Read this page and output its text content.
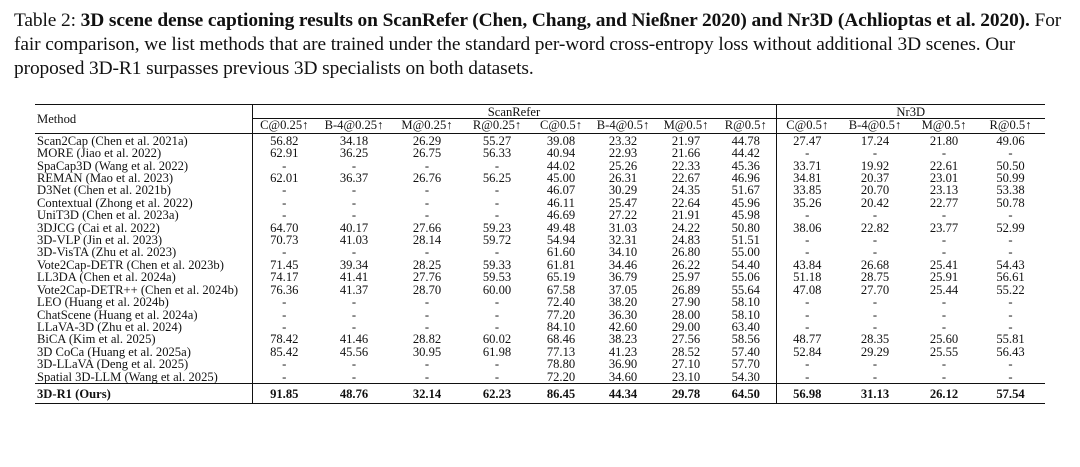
Table 2: 3D scene dense captioning results on ScanRefer (Chen, Chang, and Nießner 2020) and Nr3D (Achlioptas et al. 2020). For fair comparison, we list methods that are trained under the standard per-word cross-entropy loss without additional 3D scenes. Our proposed 3D-R1 surpasses previous 3D specialists on both datasets.
Method	ScanRefer								Nr3D			
	C@0.25↑	B-4@0.25↑	M@0.25↑	R@0.25↑	C@0.5↑	B-4@0.5↑	M@0.5↑	R@0.5↑	C@0.5↑	B-4@0.5↑	M@0.5↑	R@0.5↑
Scan2Cap (Chen et al. 2021a)	56.82	34.18	26.29	55.27	39.08	23.32	21.97	44.78	27.47	17.24	21.80	49.06
MORE (Jiao et al. 2022)	62.91	36.25	26.75	56.33	40.94	22.93	21.66	44.42	-	-	-	-
SpaCap3D (Wang et al. 2022)	-	-	-	-	44.02	25.26	22.33	45.36	33.71	19.92	22.61	50.50
REMAN (Mao et al. 2023)	62.01	36.37	26.76	56.25	45.00	26.31	22.67	46.96	34.81	20.37	23.01	50.99
D3Net (Chen et al. 2021b)	-	-	-	-	46.07	30.29	24.35	51.67	33.85	20.70	23.13	53.38
Contextual (Zhong et al. 2022)	-	-	-	-	46.11	25.47	22.64	45.96	35.26	20.42	22.77	50.78
UniT3D (Chen et al. 2023a)	-	-	-	-	46.69	27.22	21.91	45.98	-	-	-	-
3DJCG (Cai et al. 2022)	64.70	40.17	27.66	59.23	49.48	31.03	24.22	50.80	38.06	22.82	23.77	52.99
3D-VLP (Jin et al. 2023)	70.73	41.03	28.14	59.72	54.94	32.31	24.83	51.51	-	-	-	-
3D-VisTA (Zhu et al. 2023)	-	-	-	-	61.60	34.10	26.80	55.00	-	-	-	-
Vote2Cap-DETR (Chen et al. 2023b)	71.45	39.34	28.25	59.33	61.81	34.46	26.22	54.40	43.84	26.68	25.41	54.43
LL3DA (Chen et al. 2024a)	74.17	41.41	27.76	59.53	65.19	36.79	25.97	55.06	51.18	28.75	25.91	56.61
Vote2Cap-DETR++ (Chen et al. 2024b)	76.36	41.37	28.70	60.00	67.58	37.05	26.89	55.64	47.08	27.70	25.44	55.22
LEO (Huang et al. 2024b)	-	-	-	-	72.40	38.20	27.90	58.10	-	-	-	-
ChatScene (Huang et al. 2024a)	-	-	-	-	77.20	36.30	28.00	58.10	-	-	-	-
LLaVA-3D (Zhu et al. 2024)	-	-	-	-	84.10	42.60	29.00	63.40	-	-	-	-
BiCA (Kim et al. 2025)	78.42	41.46	28.82	60.02	68.46	38.23	27.56	58.56	48.77	28.35	25.60	55.81
3D CoCa (Huang et al. 2025a)	85.42	45.56	30.95	61.98	77.13	41.23	28.52	57.40	52.84	29.29	25.55	56.43
3D-LLaVA (Deng et al. 2025)	-	-	-	-	78.80	36.90	27.10	57.70	-	-	-	-
Spatial 3D-LLM (Wang et al. 2025)	-	-	-	-	72.20	34.60	23.10	54.30	-	-	-	-
3D-R1 (Ours)	91.85	48.76	32.14	62.23	86.45	44.34	29.78	64.50	56.98	31.13	26.12	57.54
